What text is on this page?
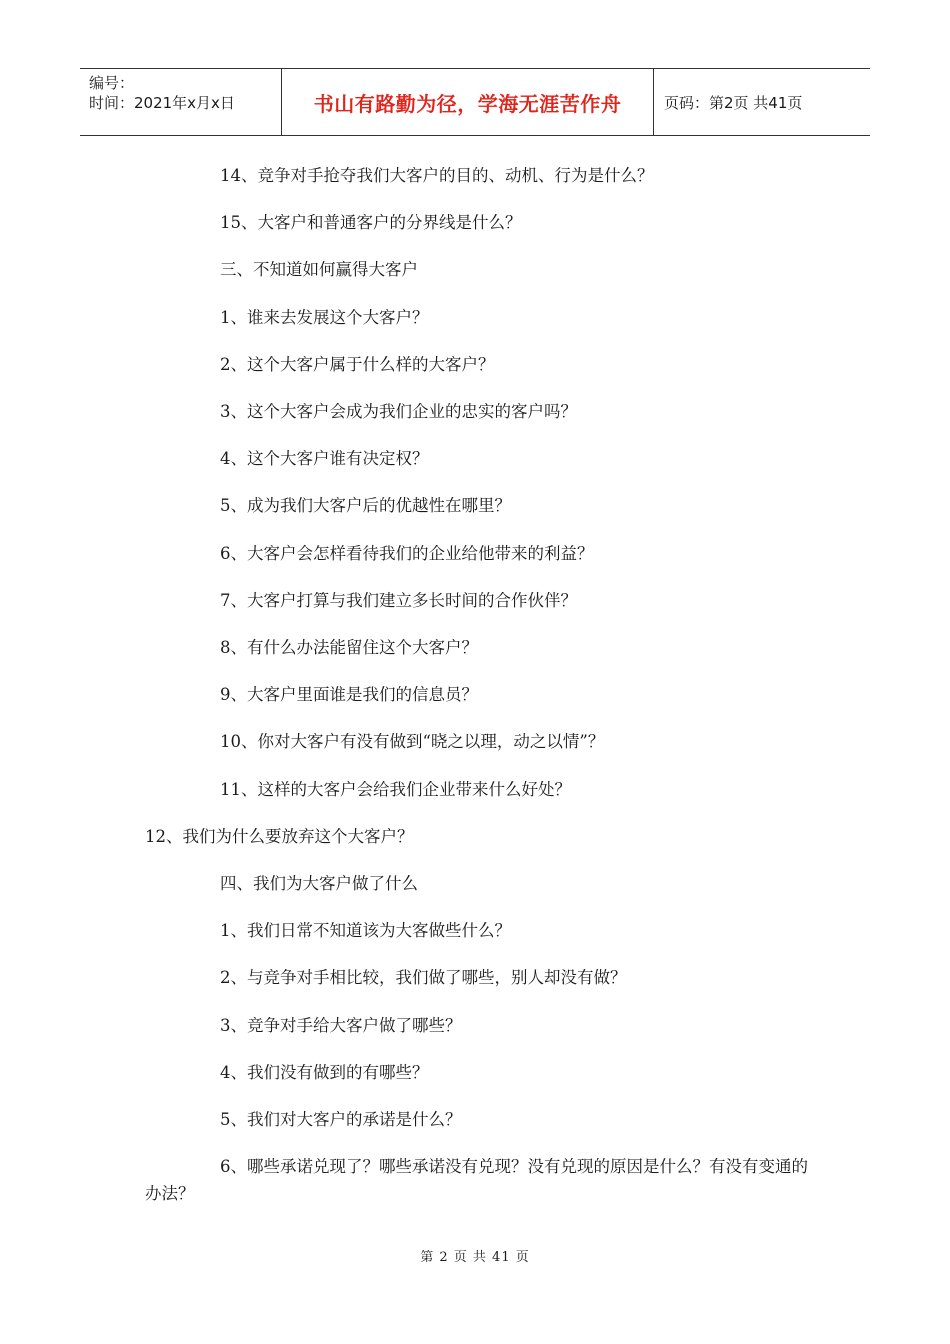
编号：
时间：2021年x月x日	书山有路勤为径，学海无涯苦作舟	页码：第2页 共41页
14、竞争对手抢夺我们大客户的目的、动机、行为是什么？
15、大客户和普通客户的分界线是什么？
三、不知道如何赢得大客户
1、谁来去发展这个大客户？
2、这个大客户属于什么样的大客户？
3、这个大客户会成为我们企业的忠实的客户吗？
4、这个大客户谁有决定权？
5、成为我们大客户后的优越性在哪里？
6、大客户会怎样看待我们的企业给他带来的利益？
7、大客户打算与我们建立多长时间的合作伙伴？
8、有什么办法能留住这个大客户？
9、大客户里面谁是我们的信息员？
10、你对大客户有没有做到“晓之以理，动之以情”？
11、这样的大客户会给我们企业带来什么好处？
12、我们为什么要放弃这个大客户？
四、我们为大客户做了什么
1、我们日常不知道该为大客做些什么？
2、与竞争对手相比较，我们做了哪些，别人却没有做？
3、竞争对手给大客户做了哪些？
4、我们没有做到的有哪些？
5、我们对大客户的承诺是什么？
6、哪些承诺兑现了？哪些承诺没有兑现？没有兑现的原因是什么？有没有变通的办法？
第 2 页 共 41 页
